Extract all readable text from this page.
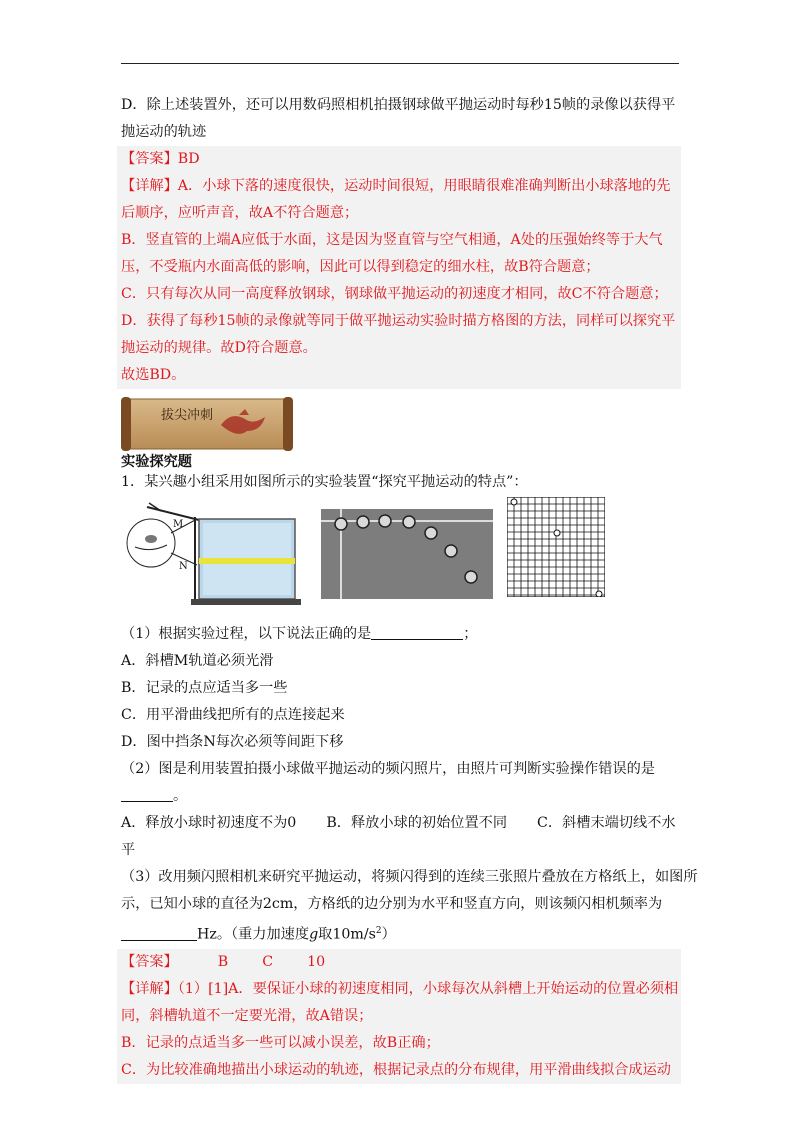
D．除上述装置外，还可以用数码照相机拍摄钢球做平抛运动时每秒15帧的录像以获得平

抛运动的轨迹

【答案】BD

【详解】A．小球下落的速度很快，运动时间很短，用眼睛很难准确判断出小球落地的先

后顺序，应听声音，故A不符合题意；

B．竖直管的上端A应低于水面，这是因为竖直管与空气相通，A处的压强始终等于大气

压，不受瓶内水面高低的影响，因此可以得到稳定的细水柱，故B符合题意；

C．只有每次从同一高度释放钢球，钢球做平抛运动的初速度才相同，故C不符合题意；

D．获得了每秒15帧的录像就等同于做平抛运动实验时描方格图的方法，同样可以探究平

抛运动的规律。故D符合题意。

故选BD。

拔尖冲刺

实验探究题

1．某兴趣小组采用如图所示的实验装置“探究平抛运动的特点”：

M
N

（1）根据实验过程，以下说法正确的是	；

A．斜槽M轨道必须光滑

B．记录的点应适当多一些

C．用平滑曲线把所有的点连接起来

D．图中挡条N每次必须等间距下移

（2）图是利用装置拍摄小球做平抛运动的频闪照片，由照片可判断实验操作错误的是

。

A．释放小球时初速度不为0 B．释放小球的初始位置不同 C．斜槽末端切线不水

平

（3）改用频闪照相机来研究平抛运动，将频闪得到的连续三张照片叠放在方格纸上，如图所

示，已知小球的直径为2cm，方格纸的边分别为水平和竖直方向，则该频闪相机频率为

Hz。（重力加速度g取$10m/s^2$）

【答案】	B C 10

【详解】（1）[1]A．要保证小球的初速度相同，小球每次从斜槽上开始运动的位置必须相

同，斜槽轨道不一定要光滑，故A错误；

B．记录的点适当多一些可以减小误差，故B正确；

C．为比较准确地描出小球运动的轨迹，根据记录点的分布规律，用平滑曲线拟合成运动
